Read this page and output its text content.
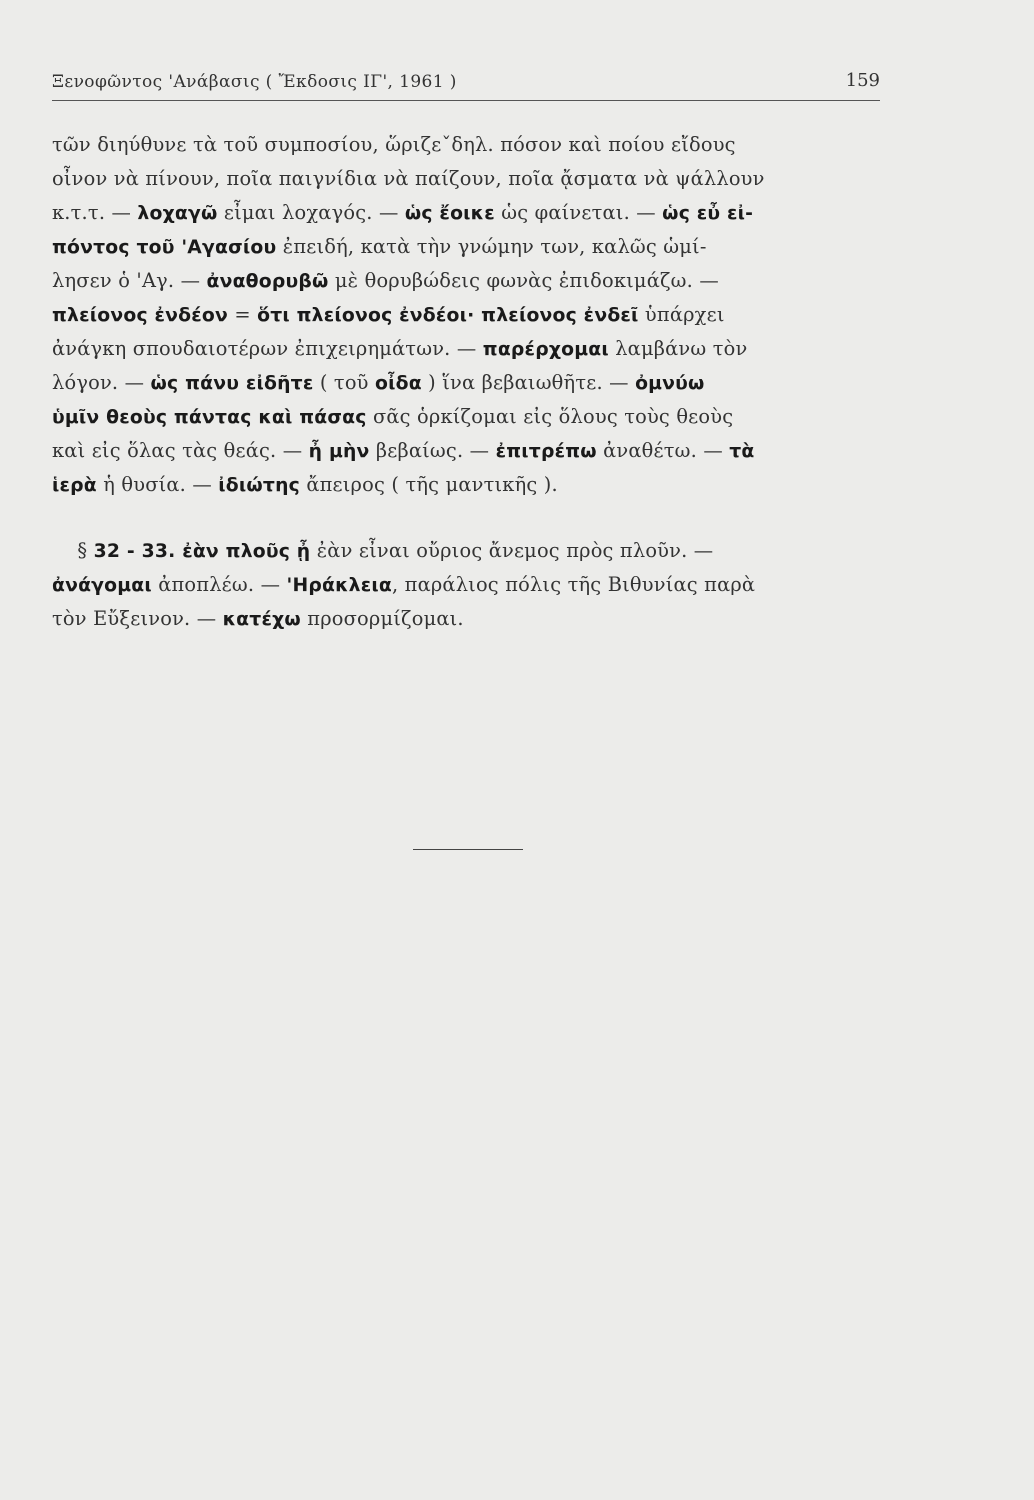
Ξενοφῶντος 'Ανάβασις ( Ἔκδοσις ΙΓ', 1961 )	159
τῶν διηύθυνε τὰ τοῦ συμποσίου, ὥριζεˇδηλ. πόσον καὶ ποίου εἴδους
οἶνον νὰ πίνουν, ποῖα παιγνίδια νὰ παίζουν, ποῖα ᾄσματα νὰ ψάλλουν
κ.τ.τ. — λοχαγῶ εἶμαι λοχαγός. — ὡς ἔοικε ὡς φαίνεται. — ὡς εὖ εἰ-
πόντος τοῦ 'Αγασίου ἐπειδή, κατὰ τὴν γνώμην των, καλῶς ὡμί-
λησεν ὁ 'Αγ. — ἀναθορυβῶ μὲ θορυβώδεις φωνὰς ἐπιδοκιμάζω. —
πλείονος ἐνδέον = ὅτι πλείονος ἐνδέοι· πλείονος ἐνδεῖ ὑπάρχει
ἀνάγκη σπουδαιοτέρων ἐπιχειρημάτων. — παρέρχομαι λαμβάνω τὸν
λόγον. — ὡς πάνυ εἰδῆτε ( τοῦ οἶδα ) ἵνα βεβαιωθῆτε. — ὀμνύω
ὑμῖν θεοὺς πάντας καὶ πάσας σᾶς ὁρκίζομαι εἰς ὅλους τοὺς θεοὺς
καὶ εἰς ὅλας τὰς θεάς. — ἦ μὴν βεβαίως. — ἐπιτρέπω ἀναθέτω. — τὰ
ἱερὰ ἡ θυσία. — ἰδιώτης ἄπειρος ( τῆς μαντικῆς ).
§ 32 - 33. ἐὰν πλοῦς ᾖ ἐὰν εἶναι οὔριος ἄνεμος πρὸς πλοῦν. —
ἀνάγομαι ἀποπλέω. — 'Ηράκλεια, παράλιος πόλις τῆς Βιθυνίας παρὰ
τὸν Εὔξεινον. — κατέχω προσορμίζομαι.
